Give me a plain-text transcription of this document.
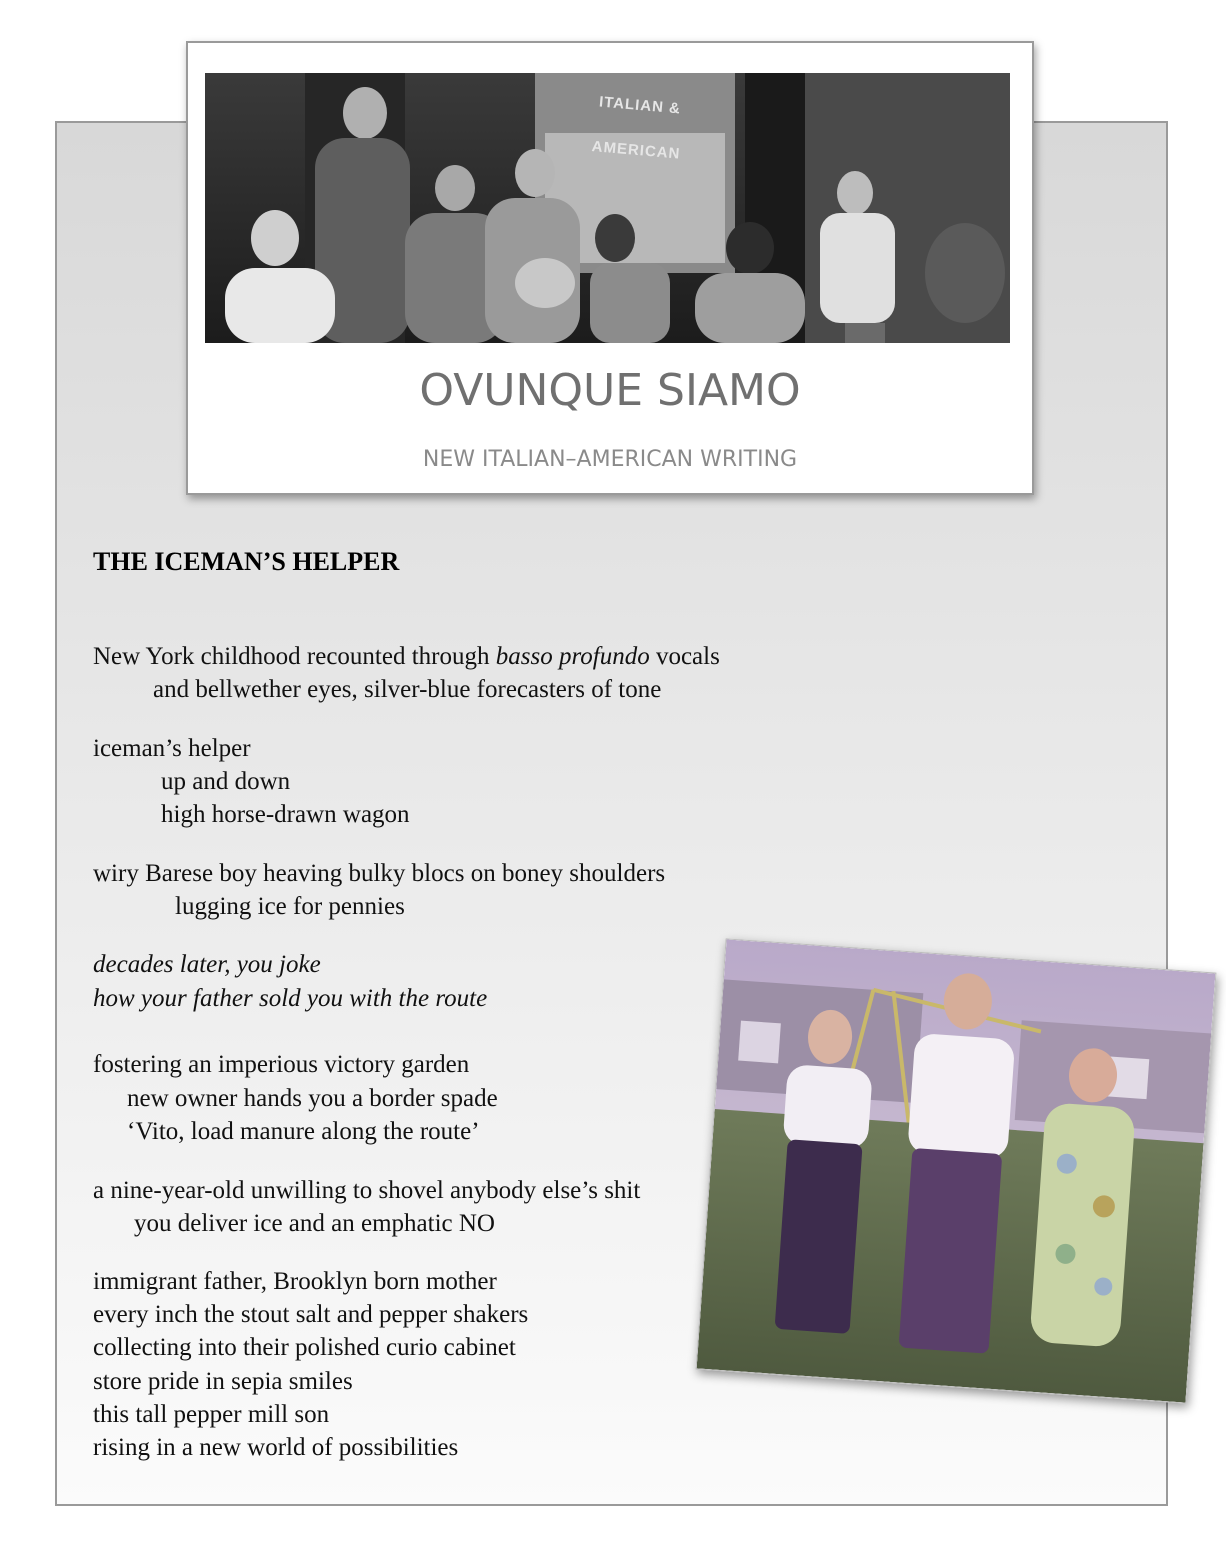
ITALIAN & AMERICAN
OVUNQUE SIAMO

NEW ITALIAN–AMERICAN WRITING

THE ICEMAN’S HELPER

New York childhood recounted through basso profundo vocals

and bellwether eyes, silver-blue forecasters of tone

iceman’s helper

up and down

high horse-drawn wagon

wiry Barese boy heaving bulky blocs on boney shoulders

lugging ice for pennies

decades later, you joke

how your father sold you with the route

fostering an imperious victory garden

new owner hands you a border spade

‘Vito, load manure along the route’

a nine-year-old unwilling to shovel anybody else’s shit

you deliver ice and an emphatic NO

immigrant father, Brooklyn born mother

every inch the stout salt and pepper shakers

collecting into their polished curio cabinet

store pride in sepia smiles

this tall pepper mill son

rising in a new world of possibilities
